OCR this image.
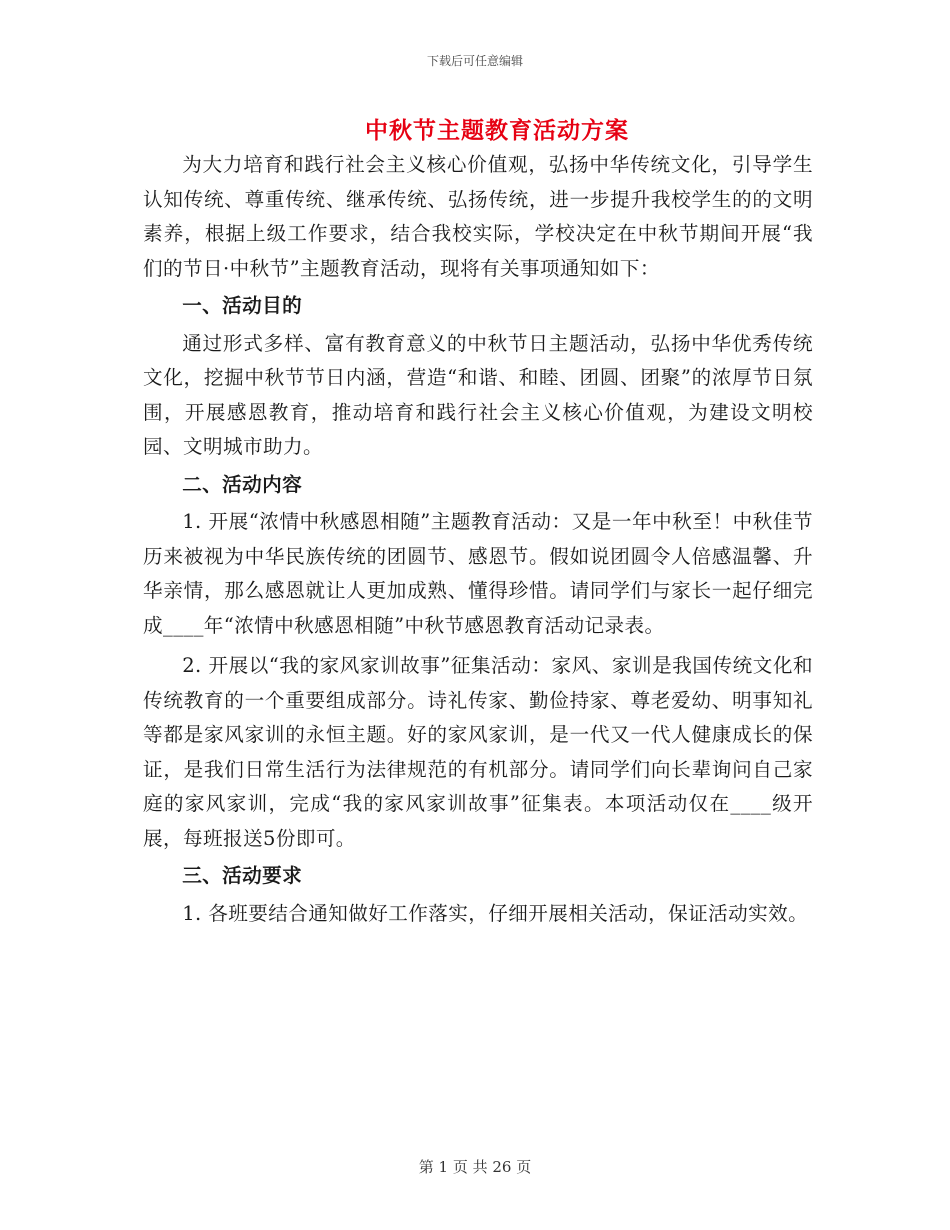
下载后可任意编辑
中秋节主题教育活动方案

为大力培育和践行社会主义核心价值观，弘扬中华传统文化，引导学生认知传统、尊重传统、继承传统、弘扬传统，进一步提升我校学生的的文明素养，根据上级工作要求，结合我校实际，学校决定在中秋节期间开展“我们的节日·中秋节”主题教育活动，现将有关事项通知如下：

一、活动目的

通过形式多样、富有教育意义的中秋节日主题活动，弘扬中华优秀传统文化，挖掘中秋节节日内涵，营造“和谐、和睦、团圆、团聚”的浓厚节日氛围，开展感恩教育，推动培育和践行社会主义核心价值观，为建设文明校园、文明城市助力。

二、活动内容

1. 开展“浓情中秋感恩相随”主题教育活动：又是一年中秋至！中秋佳节历来被视为中华民族传统的团圆节、感恩节。假如说团圆令人倍感温馨、升华亲情，那么感恩就让人更加成熟、懂得珍惜。请同学们与家长一起仔细完成____年“浓情中秋感恩相随”中秋节感恩教育活动记录表。

2. 开展以“我的家风家训故事”征集活动：家风、家训是我国传统文化和传统教育的一个重要组成部分。诗礼传家、勤俭持家、尊老爱幼、明事知礼等都是家风家训的永恒主题。好的家风家训，是一代又一代人健康成长的保证，是我们日常生活行为法律规范的有机部分。请同学们向长辈询问自己家庭的家风家训，完成“我的家风家训故事”征集表。本项活动仅在____级开展，每班报送5份即可。

三、活动要求

1. 各班要结合通知做好工作落实，仔细开展相关活动，保证活动实效。

第 1 页 共 26 页
